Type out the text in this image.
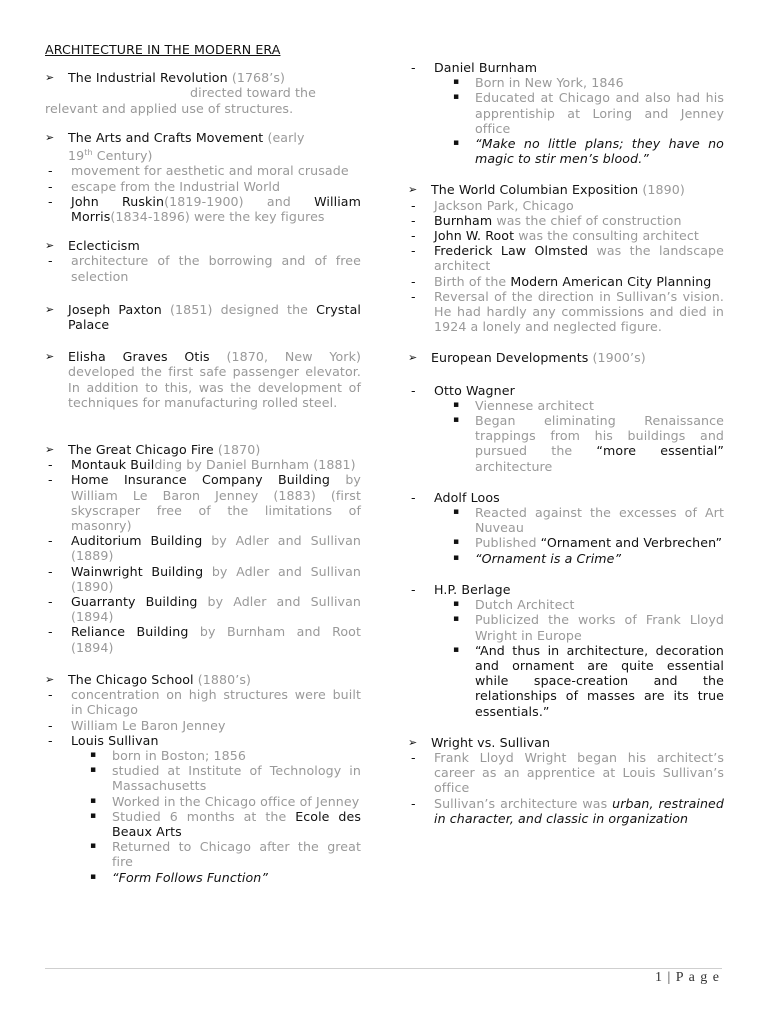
ARCHITECTURE IN THE MODERN ERA
➢ The Industrial Revolution (1768’s)
directed toward the
relevant and applied use of structures.
➢ The Arts and Crafts Movement (early
19th Century)
- movement for aesthetic and moral crusade
- escape from the Industrial World
- John Ruskin(1819-1900) and William Morris(1834-1896) were the key figures
➢ Eclecticism
- architecture of the borrowing and of free selection
➢ Joseph Paxton (1851) designed the Crystal Palace
➢ Elisha Graves Otis (1870, New York) developed the first safe passenger elevator. In addition to this, was the development of techniques for manufacturing rolled steel.
➢ The Great Chicago Fire (1870)
- Montauk Building by Daniel Burnham (1881)
- Home Insurance Company Building by William Le Baron Jenney (1883) (first skyscraper free of the limitations of masonry)
- Auditorium Building by Adler and Sullivan (1889)
- Wainwright Building by Adler and Sullivan (1890)
- Guarranty Building by Adler and Sullivan (1894)
- Reliance Building by Burnham and Root (1894)
➢ The Chicago School (1880’s)
- concentration on high structures were built in Chicago
- William Le Baron Jenney
- Louis Sullivan
▪ born in Boston; 1856
▪ studied at Institute of Technology in Massachusetts
▪ Worked in the Chicago office of Jenney
▪ Studied 6 months at the Ecole des Beaux Arts
▪ Returned to Chicago after the great fire
▪ “Form Follows Function”
- Daniel Burnham
▪ Born in New York, 1846
▪ Educated at Chicago and also had his apprentiship at Loring and Jenney office
▪ “Make no little plans; they have no magic to stir men’s blood.”
➢ The World Columbian Exposition (1890)
- Jackson Park, Chicago
- Burnham was the chief of construction
- John W. Root was the consulting architect
- Frederick Law Olmsted was the landscape architect
- Birth of the Modern American City Planning
- Reversal of the direction in Sullivan’s vision. He had hardly any commissions and died in 1924 a lonely and neglected figure.
➢ European Developments (1900’s)
- Otto Wagner
▪ Viennese architect
▪ Began eliminating Renaissance trappings from his buildings and pursued the “more essential” architecture
- Adolf Loos
▪ Reacted against the excesses of Art Nuveau
▪ Published “Ornament and Verbrechen”
▪ “Ornament is a Crime”
- H.P. Berlage
▪ Dutch Architect
▪ Publicized the works of Frank Lloyd Wright in Europe
▪ “And thus in architecture, decoration and ornament are quite essential while space-creation and the relationships of masses are its true essentials.”
➢ Wright vs. Sullivan
- Frank Lloyd Wright began his architect’s career as an apprentice at Louis Sullivan’s office
- Sullivan’s architecture was urban, restrained in character, and classic in organization
1 | P a g e
